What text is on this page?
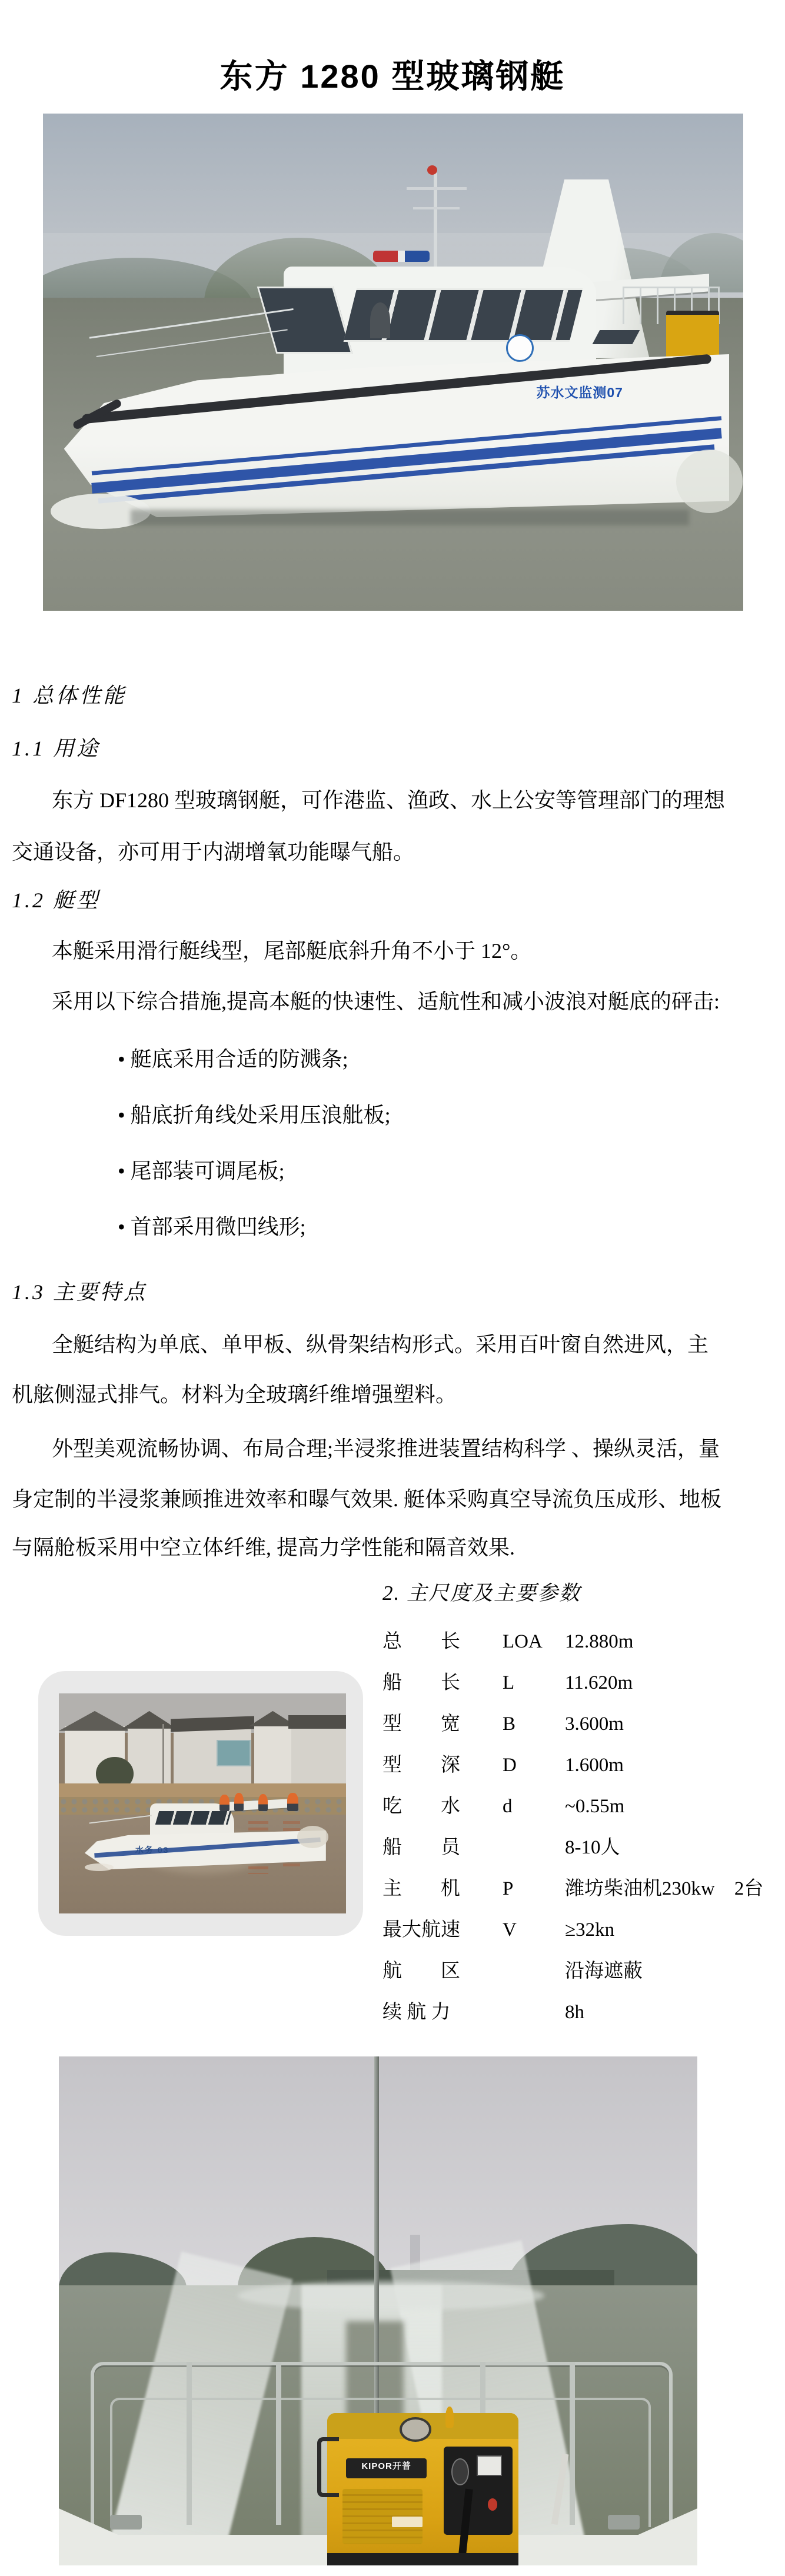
东方 1280 型玻璃钢艇
苏水文监测07
1 总体性能
1.1 用途
东方 DF1280 型玻璃钢艇，可作港监、渔政、水上公安等管理部门的理想
交通设备，亦可用于内湖增氧功能曝气船。
1.2 艇型
本艇采用滑行艇线型，尾部艇底斜升角不小于 12°。
采用以下综合措施,提高本艇的快速性、适航性和减小波浪对艇底的砰击:
• 艇底采用合适的防溅条;
• 船底折角线处采用压浪舭板;
• 尾部装可调尾板;
• 首部采用微凹线形;
1.3 主要特点
全艇结构为单底、单甲板、纵骨架结构形式。采用百叶窗自然进风，主
机舷侧湿式排气。材料为全玻璃纤维增强塑料。
外型美观流畅协调、布局合理;半浸浆推进装置结构科学 、操纵灵活，量
身定制的半浸浆兼顾推进效率和曝气效果. 艇体采购真空导流负压成形、地板
与隔舱板采用中空立体纤维, 提高力学性能和隔音效果.
2. 主尺度及主要参数
总　　长 LOA 12.880m
船　　长 L	11.620m
型　　宽 B	3.600m
型　　深 D 1.600m
吃　　水 d	~0.55m
船　　员	8-10人
主　　机 P	潍坊柴油机230kw　2台
最大航速 V ≥32kn
航　　区	沿海遮蔽
续 航 力	8h
水务 03
KIPOR开普
